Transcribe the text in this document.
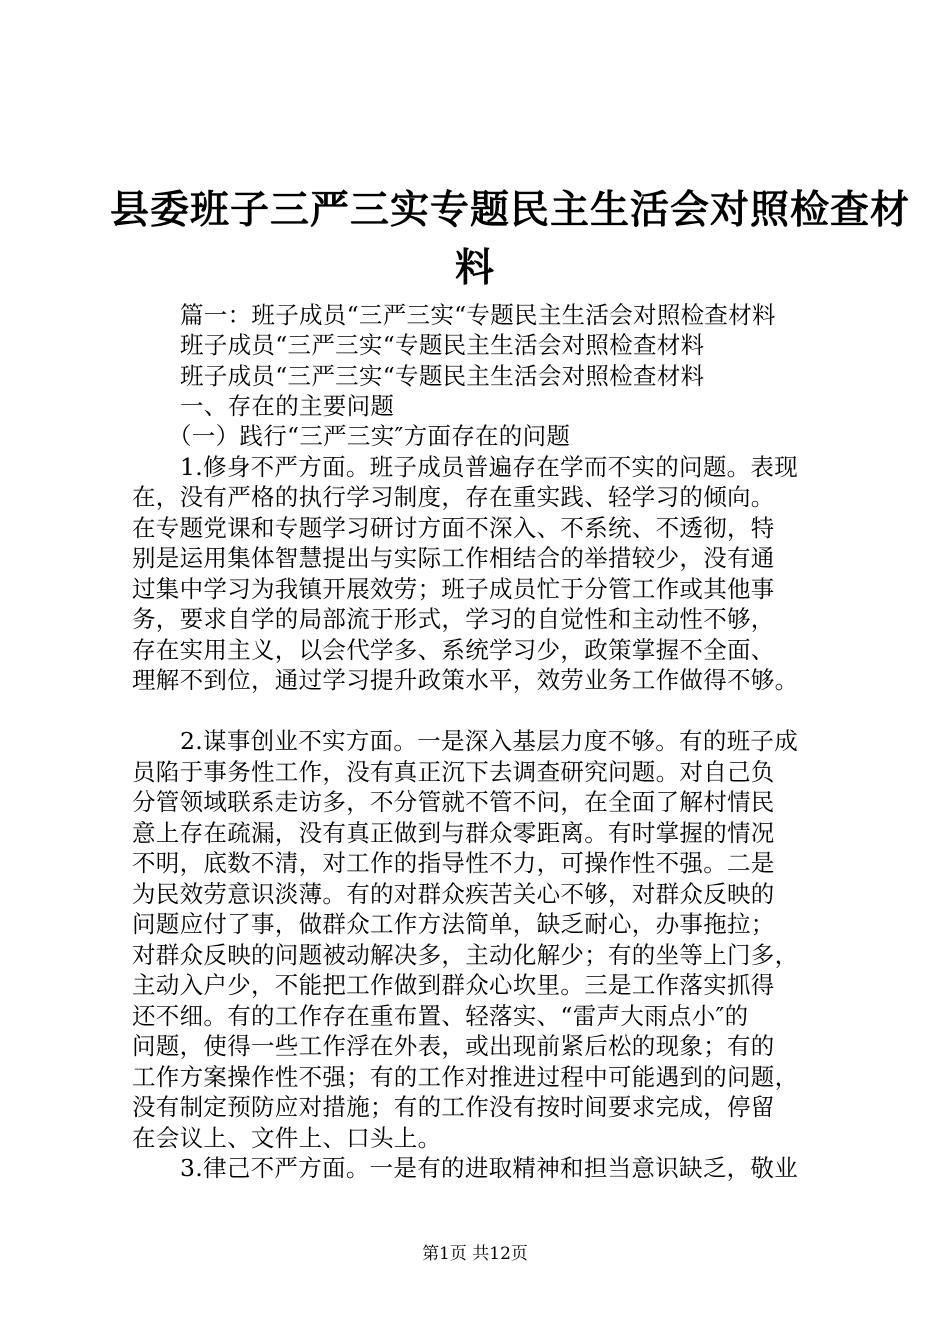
县委班子三严三实专题民主生活会对照检查材
料
篇一：班子成员“三严三实“专题民主生活会对照检查材料
班子成员“三严三实“专题民主生活会对照检查材料
班子成员“三严三实“专题民主生活会对照检查材料
一、存在的主要问题
（一）践行“三严三实″方面存在的问题
1.修身不严方面。班子成员普遍存在学而不实的问题。表现
在，没有严格的执行学习制度，存在重实践、轻学习的倾向。
在专题党课和专题学习研讨方面不深入、不系统、不透彻，特
别是运用集体智慧提出与实际工作相结合的举措较少，没有通
过集中学习为我镇开展效劳；班子成员忙于分管工作或其他事
务，要求自学的局部流于形式，学习的自觉性和主动性不够，
存在实用主义，以会代学多、系统学习少，政策掌握不全面、
理解不到位，通过学习提升政策水平，效劳业务工作做得不够。
2.谋事创业不实方面。一是深入基层力度不够。有的班子成
员陷于事务性工作，没有真正沉下去调查研究问题。对自己负
分管领域联系走访多，不分管就不管不问，在全面了解村情民
意上存在疏漏，没有真正做到与群众零距离。有时掌握的情况
不明，底数不清，对工作的指导性不力，可操作性不强。二是
为民效劳意识淡薄。有的对群众疾苦关心不够，对群众反映的
问题应付了事，做群众工作方法简单，缺乏耐心，办事拖拉；
对群众反映的问题被动解决多，主动化解少；有的坐等上门多，
主动入户少，不能把工作做到群众心坎里。三是工作落实抓得
还不细。有的工作存在重布置、轻落实、“雷声大雨点小″的
问题，使得一些工作浮在外表，或出现前紧后松的现象；有的
工作方案操作性不强；有的工作对推进过程中可能遇到的问题，
没有制定预防应对措施；有的工作没有按时间要求完成，停留
在会议上、文件上、口头上。
3.律己不严方面。一是有的进取精神和担当意识缺乏，敬业
第1页 共12页
